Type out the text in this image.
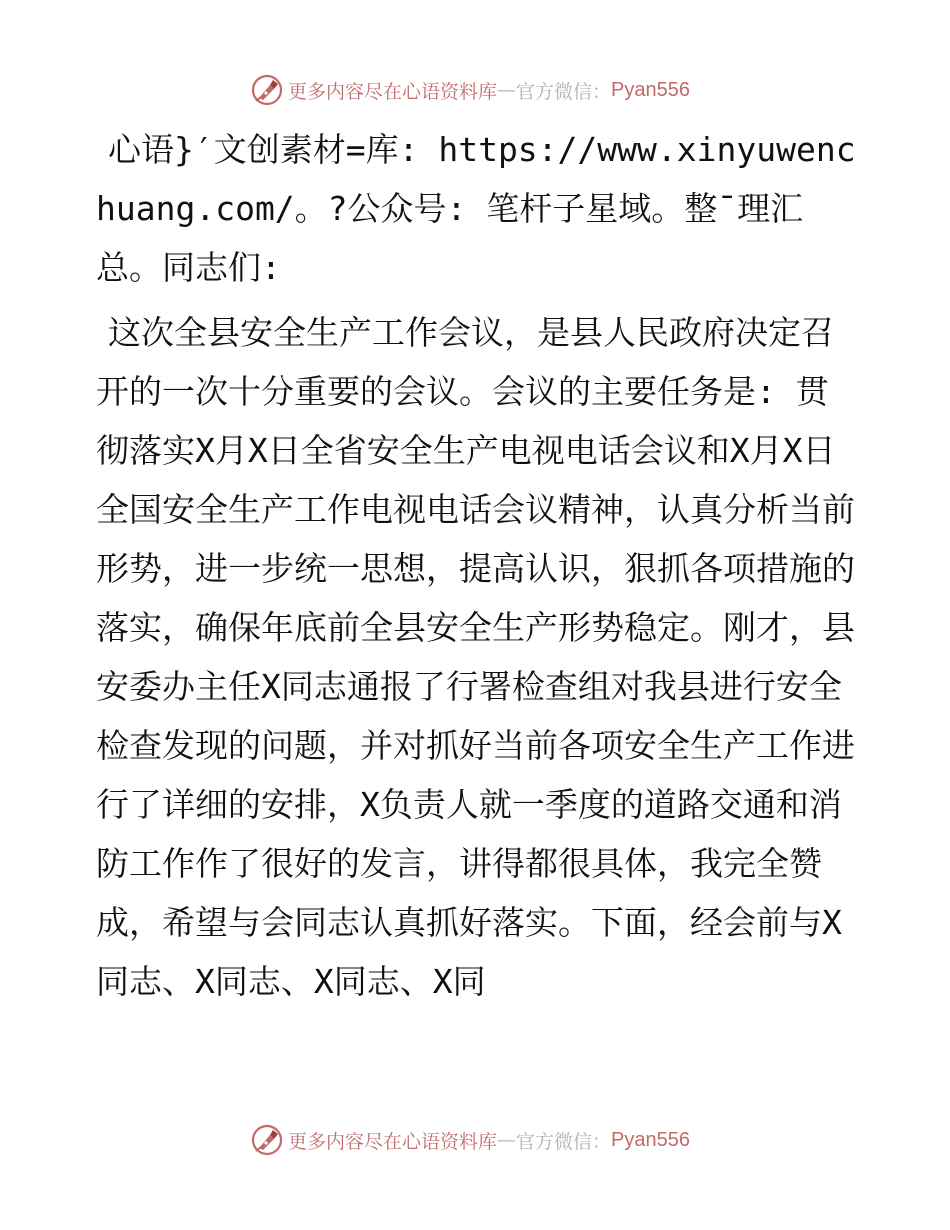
更多内容尽在心语资料库 — 官方微信： Pyan556

心语}′文创素材=库: https://www.xinyuwenchuang.com/。?公众号: 笔杆子星域。整¯理汇总。同志们:

这次全县安全生产工作会议，是县人民政府决定召开的一次十分重要的会议。会议的主要任务是: 贯彻落实X月X日全省安全生产电视电话会议和X月X日全国安全生产工作电视电话会议精神，认真分析当前形势，进一步统一思想，提高认识，狠抓各项措施的落实，确保年底前全县安全生产形势稳定。刚才，县安委办主任X同志通报了行署检查组对我县进行安全检查发现的问题，并对抓好当前各项安全生产工作进行了详细的安排，X负责人就一季度的道路交通和消防工作作了很好的发言，讲得都很具体，我完全赞成，希望与会同志认真抓好落实。下面，经会前与X同志、X同志、X同志、X同

更多内容尽在心语资料库 — 官方微信： Pyan556
